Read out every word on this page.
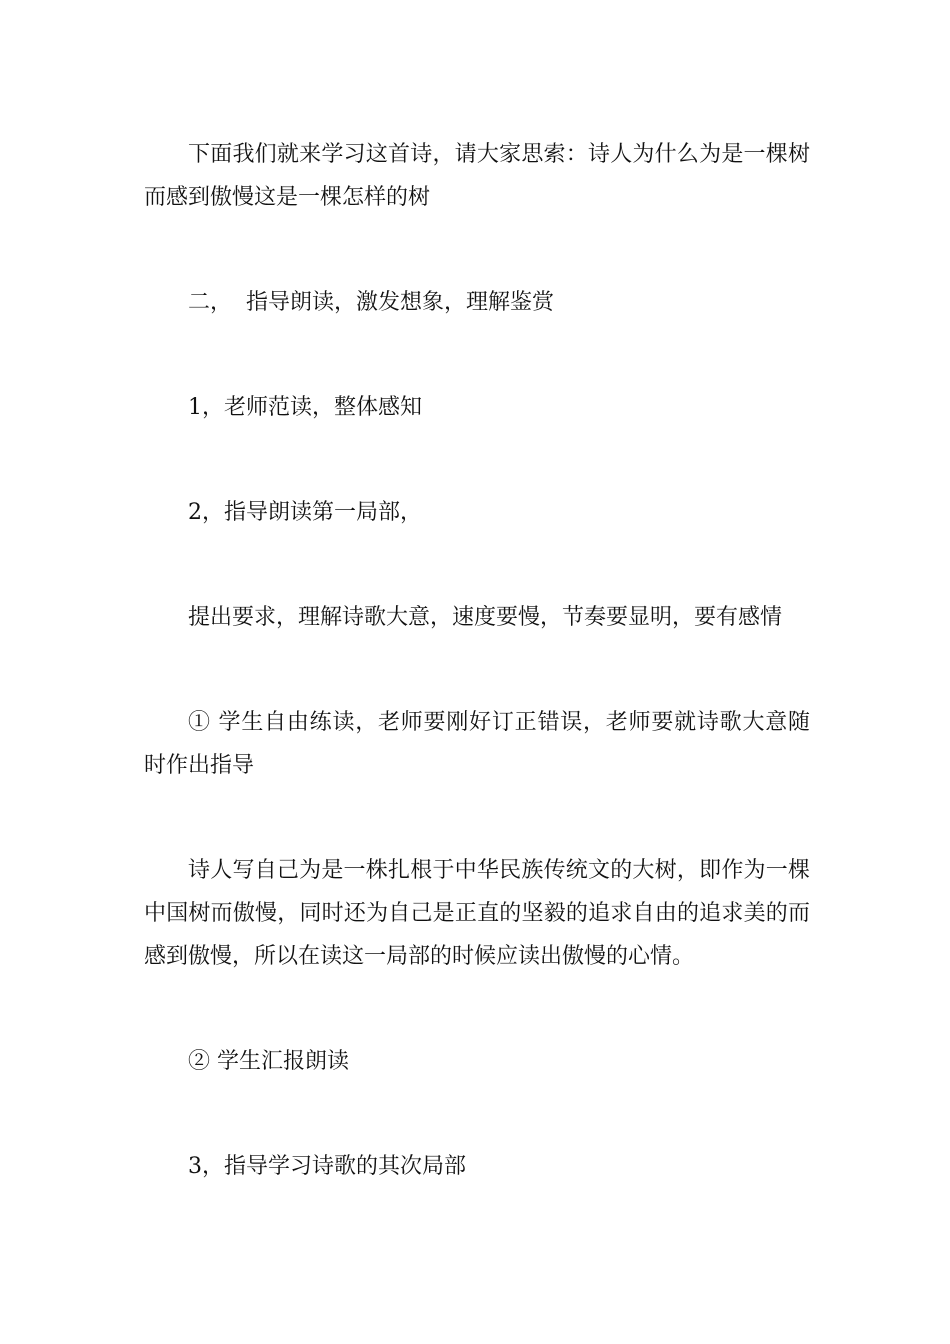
下面我们就来学习这首诗，请大家思索：诗人为什么为是一棵树而感到傲慢这是一棵怎样的树

二，  指导朗读，激发想象，理解鉴赏

1，老师范读，整体感知

2，指导朗读第一局部，

提出要求，理解诗歌大意，速度要慢，节奏要显明，要有感情

① 学生自由练读，老师要刚好订正错误，老师要就诗歌大意随时作出指导

诗人写自己为是一株扎根于中华民族传统文的大树，即作为一棵中国树而傲慢，同时还为自己是正直的坚毅的追求自由的追求美的而感到傲慢，所以在读这一局部的时候应读出傲慢的心情。

② 学生汇报朗读

3，指导学习诗歌的其次局部
